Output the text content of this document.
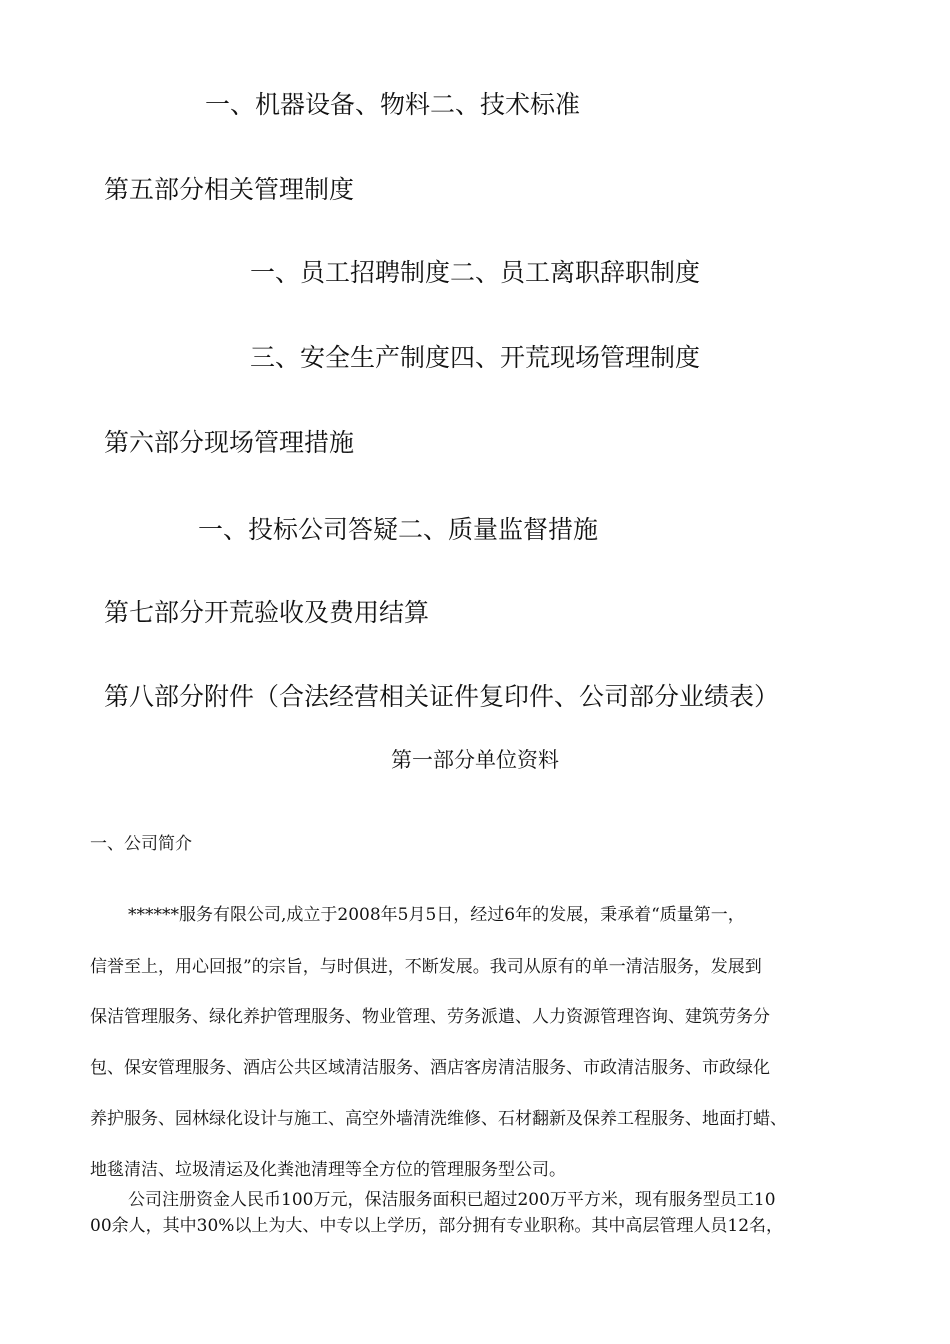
一、机器设备、物料二、技术标准
第五部分相关管理制度
一、员工招聘制度二、员工离职辞职制度
三、安全生产制度四、开荒现场管理制度
第六部分现场管理措施
一、投标公司答疑二、质量监督措施
第七部分开荒验收及费用结算
第八部分附件（合法经营相关证件复印件、公司部分业绩表）
第一部分单位资料
一、公司简介
******服务有限公司,成立于2008年5月5日，经过6年的发展，秉承着“质量第一，
信誉至上，用心回报”的宗旨，与时俱进，不断发展。我司从原有的单一清洁服务，发展到
保洁管理服务、绿化养护管理服务、物业管理、劳务派遣、人力资源管理咨询、建筑劳务分
包、保安管理服务、酒店公共区域清洁服务、酒店客房清洁服务、市政清洁服务、市政绿化
养护服务、园林绿化设计与施工、高空外墙清洗维修、石材翻新及保养工程服务、地面打蜡、
地毯清洁、垃圾清运及化粪池清理等全方位的管理服务型公司。
公司注册资金人民币100万元，保洁服务面积已超过200万平方米，现有服务型员工10
00余人，其中30%以上为大、中专以上学历，部分拥有专业职称。其中高层管理人员12名，
